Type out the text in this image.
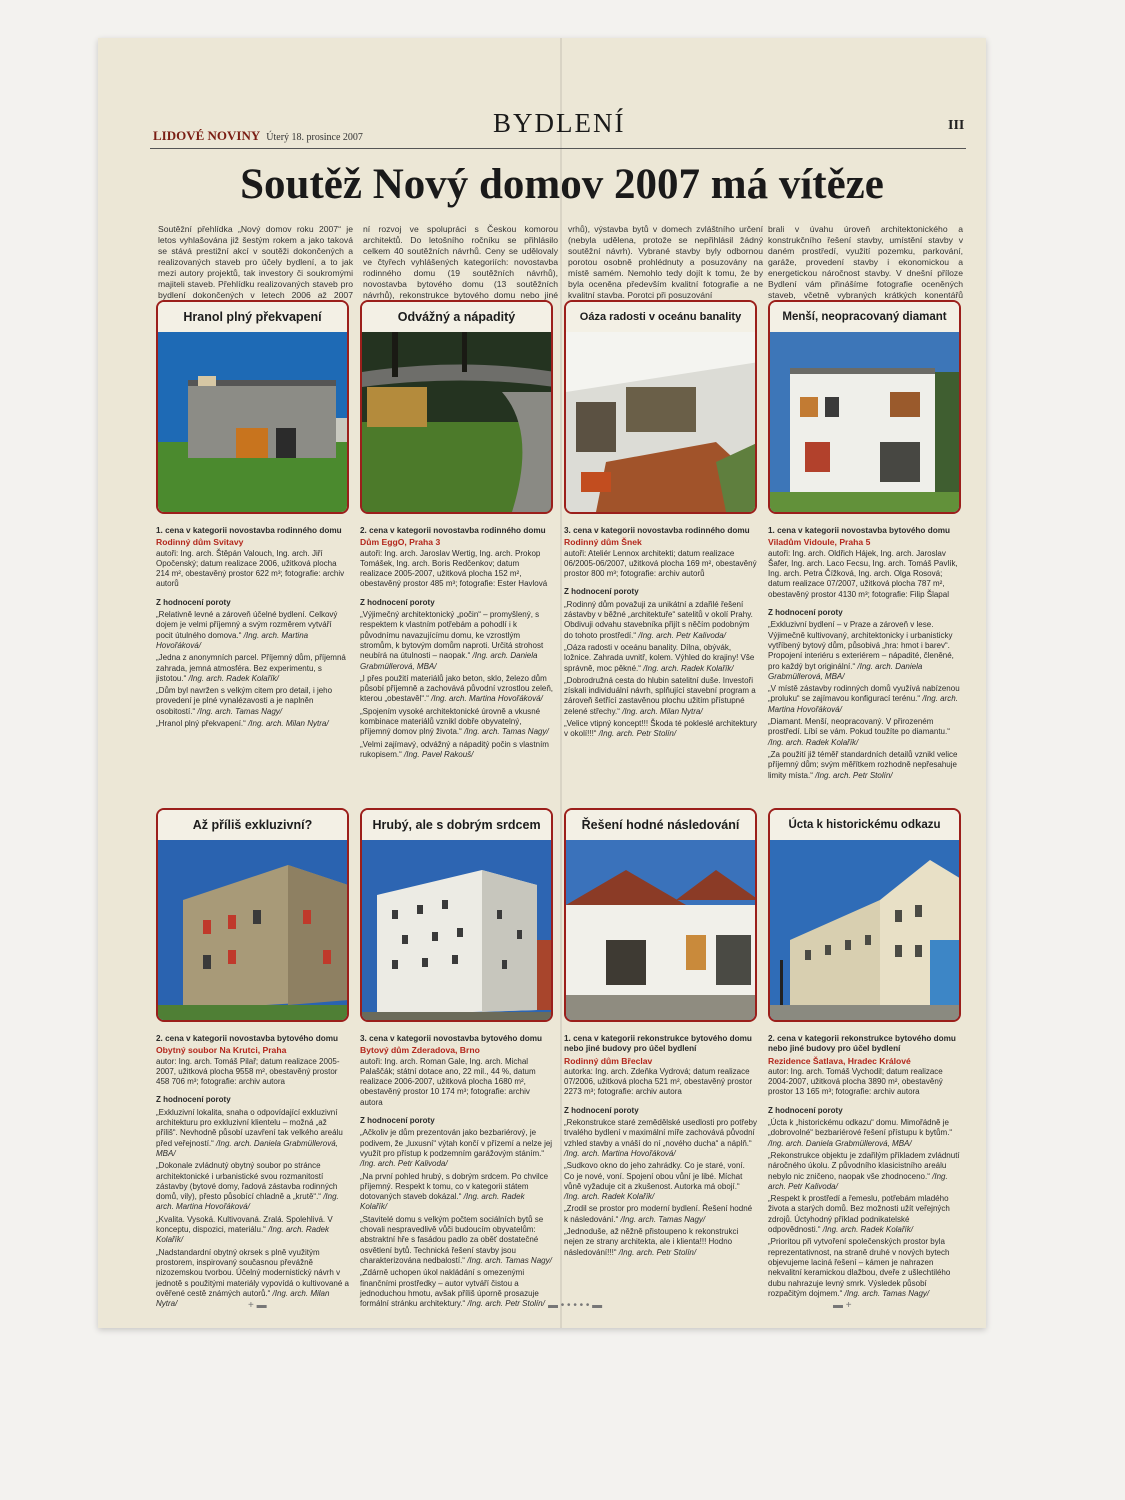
LIDOVÉ NOVINY Úterý 18. prosince 2007	BYDLENÍ	III
Soutěž Nový domov 2007 má vítěze
Soutěžní přehlídka „Nový domov roku 2007“ je letos vyhlašována již šestým rokem a jako taková se stává prestižní akcí v soutěži dokončených a realizovaných staveb pro účely bydlení, a to jak mezi autory projektů, tak investory či soukromými majiteli staveb. Přehlídku realizovaných staveb pro bydlení dokončených v letech 2006 až 2007
ní rozvoj ve spolupráci s Českou komorou architektů. Do letošního ročníku se přihlásilo celkem 40 soutěžních návrhů. Ceny se udělovaly ve čtyřech vyhlášených kategoriích: novostavba rodinného domu (19 soutěžních návrhů), novostavba bytového domu (13 soutěžních návrhů), rekonstrukce bytového domu nebo jiné
vrhů), výstavba bytů v domech zvláštního určení (nebyla udělena, protože se nepřihlásil žádný soutěžní návrh). Vybrané stavby byly odbornou porotou osobně prohlédnuty a posuzovány na místě samém. Nemohlo tedy dojít k tomu, že by byla oceněna především kvalitní fotografie a ne kvalitní stavba. Porotci při posuzování
brali v úvahu úroveň architektonického a konstrukčního řešení stavby, umístění stavby v daném prostředí, využití pozemku, parkování, garáže, provedení stavby i ekonomickou a energetickou náročnost stavby. V dnešní příloze Bydlení vám přinášíme fotografie oceněných staveb, včetně vybraných krátkých konentářů
Hranol plný překvapení
1. cena v kategorii novostavba rodinného domu
Rodinný dům Svitavy
autoři: Ing. arch. Štěpán Valouch, Ing. arch. Jiří Opočenský; datum realizace 2006, užitková plocha 214 m², obestavěný prostor 622 m³; fotografie: archiv autorů
Z hodnocení poroty
„Relativně levné a zároveň účelné bydlení. Celkový dojem je velmi příjemný a svým rozměrem vytváří pocit útulného domova.“ /Ing. arch. Martina Hovořáková/
„Jedna z anonymních parcel. Příjemný dům, příjemná zahrada, jemná atmosféra. Bez experimentu, s jistotou.“ /Ing. arch. Radek Kolařík/
„Dům byl navržen s velkým citem pro detail, i jeho provedení je plné vynalézavosti a je naplněn osobitostí.“ /Ing. arch. Tamas Nagy/
„Hranol plný překvapení.“ /Ing. arch. Milan Nytra/
Odvážný a nápaditý
2. cena v kategorii novostavba rodinného domu
Dům EggO, Praha 3
autoři: Ing. arch. Jaroslav Wertig, Ing. arch. Prokop Tomášek, Ing. arch. Boris Redčenkov; datum realizace 2005-2007, užitková plocha 152 m², obestavěný prostor 485 m³; fotografie: Ester Havlová
Z hodnocení poroty
„Výjimečný architektonický „počin“ – promyšlený, s respektem k vlastním potřebám a pohodlí i k původnímu navazujícímu domu, ke vzrostlým stromům, k bytovým domům naproti. Určitá strohost neubírá na útulnosti – naopak.“ /Ing. arch. Daniela Grabmüllerová, MBA/
„I přes použití materiálů jako beton, sklo, železo dům působí příjemně a zachovává původní vzrostlou zeleň, kterou „obestavěl“.“ /Ing. arch. Martina Hovořáková/
„Spojením vysoké architektonické úrovně a vkusné kombinace materiálů vznikl dobře obyvatelný, příjemný domov plný života.“ /Ing. arch. Tamas Nagy/
„Velmi zajímavý, odvážný a nápaditý počin s vlastním rukopisem.“ /Ing. Pavel Rakouš/
Oáza radosti v oceánu banality
3. cena v kategorii novostavba rodinného domu
Rodinný dům Šnek
autoři: Ateliér Lennox architekti; datum realizace 06/2005-06/2007, užitková plocha 169 m², obestavěný prostor 800 m³; fotografie: archiv autorů
Z hodnocení poroty
„Rodinný dům považuji za unikátní a zdařilé řešení zástavby v běžné „architektuře“ satelitů v okolí Prahy. Obdivuji odvahu stavebníka přijít s něčím podobným do tohoto prostředí.“ /Ing. arch. Petr Kalivoda/
„Oáza radosti v oceánu banality. Dílna, obývák, ložnice. Zahrada uvnitř, kolem. Výhled do krajiny! Vše správně, moc pěkné.“ /Ing. arch. Radek Kolařík/
„Dobrodružná cesta do hlubin satelitní duše. Investoři získali individuální návrh, splňující stavební program a zároveň šetřící zastavěnou plochu užitím přístupné zelené střechy.“ /Ing. arch. Milan Nytra/
„Velice vtipný koncept!!! Škoda té pokleslé architektury v okolí!!!“ /Ing. arch. Petr Stolín/
Menší, neopracovaný diamant
1. cena v kategorii novostavba bytového domu
Viladům Vidoule, Praha 5
autoři: Ing. arch. Oldřich Hájek, Ing. arch. Jaroslav Šafer, Ing. arch. Laco Fecsu, Ing. arch. Tomáš Pavlík, Ing. arch. Petra Čížková, Ing. arch. Olga Rosová; datum realizace 07/2007, užitková plocha 787 m², obestavěný prostor 4130 m³; fotografie: Filip Šlapal
Z hodnocení poroty
„Exkluzivní bydlení – v Praze a zároveň v lese. Výjimečně kultivovaný, architektonicky i urbanisticky vytříbený bytový dům, působivá „hra: hmot i barev“. Propojení interiéru s exteriérem – nápadité, členěné, pro každý byt originální.“ /Ing. arch. Daniela Grabmüllerová, MBA/
„V místě zástavby rodinných domů využívá nabízenou „proluku“ se zajímavou konfigurací terénu.“ /Ing. arch. Martina Hovořáková/
„Diamant. Menší, neopracovaný. V přirozeném prostředí. Líbí se vám. Pokud toužíte po diamantu.“ /Ing. arch. Radek Kolařík/
„Za použití již téměř standardních detailů vznikl velice příjemný dům; svým měřítkem rozhodně nepřesahuje limity místa.“ /Ing. arch. Petr Stolín/
Až příliš exkluzivní?
2. cena v kategorii novostavba bytového domu
Obytný soubor Na Krutci, Praha
autor: Ing. arch. Tomáš Pilař; datum realizace 2005-2007, užitková plocha 9558 m², obestavěný prostor 458 706 m³; fotografie: archiv autora
Z hodnocení poroty
„Exkluzivní lokalita, snaha o odpovídající exkluzivní architekturu pro exkluzivní klientelu – možná „až příliš“. Nevhodně působí uzavření tak velkého areálu před veřejností.“ /Ing. arch. Daniela Grabmüllerová, MBA/
„Dokonale zvládnutý obytný soubor po stránce architektonické i urbanistické svou rozmanitostí zástavby (bytové domy, řadová zástavba rodinných domů, vily), přesto působící chladně a „krutě“.“ /Ing. arch. Martina Hovořáková/
„Kvalita. Vysoká. Kultivovaná. Zralá. Spolehlivá. V konceptu, dispozici, materiálu.“ /Ing. arch. Radek Kolařík/
„Nadstandardní obytný okrsek s plně využitým prostorem, inspirovaný současnou převážně nizozemskou tvorbou. Účelný modernistický návrh v jednotě s použitými materiály vypovídá o kultivované a ověřené cestě známých autorů.“ /Ing. arch. Milan Nytra/
Hrubý, ale s dobrým srdcem
3. cena v kategorii novostavba bytového domu
Bytový dům Zderadova, Brno
autoři: Ing. arch. Roman Gale, Ing. arch. Michal Palaščák; státní dotace ano, 22 mil., 44 %, datum realizace 2006-2007, užitková plocha 1680 m², obestavěný prostor 10 174 m³; fotografie: archiv autora
Z hodnocení poroty
„Ačkoliv je dům prezentován jako bezbariérový, je podivem, že „luxusní“ výtah končí v přízemí a nelze jej využít pro přístup k podzemním garážovým stáním.“ /Ing. arch. Petr Kalivoda/
„Na první pohled hrubý, s dobrým srdcem. Po chvilce příjemný. Respekt k tomu, co v kategorii státem dotovaných staveb dokázal.“ /Ing. arch. Radek Kolařík/
„Stavitelé domu s velkým počtem sociálních bytů se chovali nespravedlivě vůči budoucím obyvatelům: abstraktní hře s fasádou padlo za oběť dostatečné osvětlení bytů. Technická řešení stavby jsou charakterizována nedbalostí.“ /Ing. arch. Tamas Nagy/
„Zdárně uchopen úkol nakládání s omezenými finančními prostředky – autor vytváří čistou a jednoduchou hmotu, avšak příliš úporně prosazuje formální stránku architektury.“ /Ing. arch. Petr Stolín/
Řešení hodné následování
1. cena v kategorii rekonstrukce bytového domu nebo jiné budovy pro účel bydlení
Rodinný dům Břeclav
autorka: Ing. arch. Zdeňka Vydrová; datum realizace 07/2006, užitková plocha 521 m², obestavěný prostor 2273 m³; fotografie: archiv autora
Z hodnocení poroty
„Rekonstrukce staré zemědělské usedlosti pro potřeby trvalého bydlení v maximální míře zachovává původní vzhled stavby a vnáší do ní „nového ducha“ a náplň.“ /Ing. arch. Martina Hovořáková/
„Sudkovo okno do jeho zahrádky. Co je staré, voní. Co je nové, voní. Spojení obou vůní je libé. Míchat vůně vyžaduje cit a zkušenost. Autorka má obojí.“ /Ing. arch. Radek Kolařík/
„Zrodil se prostor pro moderní bydlení. Řešení hodné k následování.“ /Ing. arch. Tamas Nagy/
„Jednoduše, až něžně přistoupeno k rekonstrukci nejen ze strany architekta, ale i klienta!!! Hodno následování!!!“ /Ing. arch. Petr Stolín/
Úcta k historickému odkazu
2. cena v kategorii rekonstrukce bytového domu nebo jiné budovy pro účel bydlení
Rezidence Šatlava, Hradec Králové
autor: Ing. arch. Tomáš Vychodil; datum realizace 2004-2007, užitková plocha 3890 m², obestavěný prostor 13 165 m³; fotografie: archiv autora
Z hodnocení poroty
„Úcta k „historickému odkazu“ domu. Mimořádně je „dobrovolné“ bezbariérové řešení přístupu k bytům.“ /Ing. arch. Daniela Grabmüllerová, MBA/
„Rekonstrukce objektu je zdařilým příkladem zvládnutí náročného úkolu. Z původního klasicistního areálu nebylo nic zničeno, naopak vše zhodnoceno.“ /Ing. arch. Petr Kalivoda/
„Respekt k prostředí a řemeslu, potřebám mladého života a starých domů. Bez možnosti užít veřejných zdrojů. Úctyhodný příklad podnikatelské odpovědnosti.“ /Ing. arch. Radek Kolařík/
„Prioritou při vytvoření společenských prostor byla reprezentativnost, na straně druhé v nových bytech objevujeme laciná řešení – kámen je nahrazen nekvalitní keramickou dlažbou, dveře z ušlechtilého dubu nahrazuje levný smrk. Výsledek působí rozpačitým dojmem.“ /Ing. arch. Tamas Nagy/
+ ▬	▬ • • • • • ▬	▬ +
